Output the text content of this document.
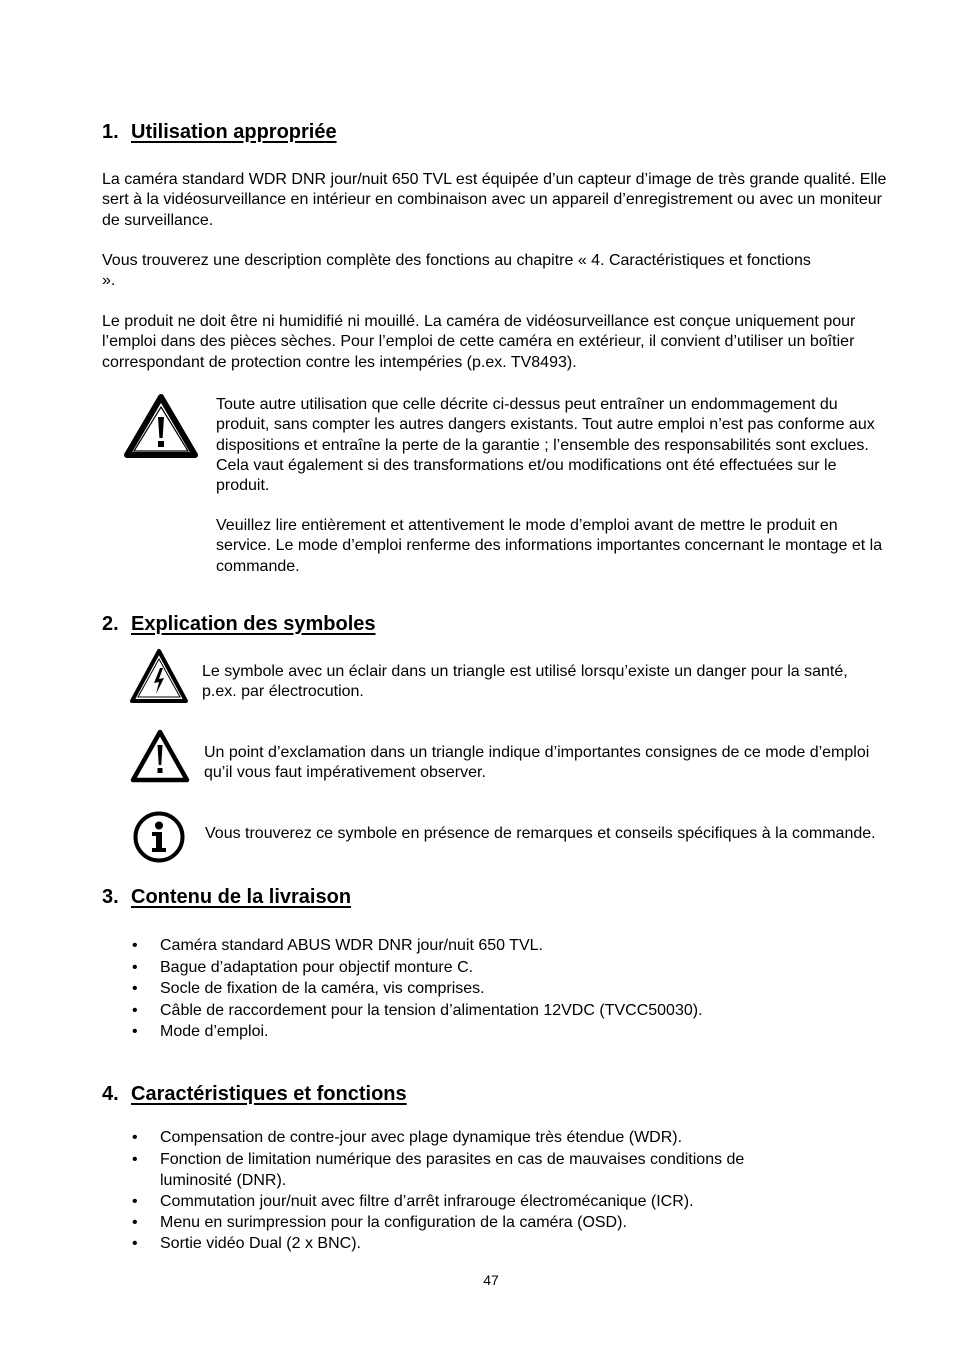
1. Utilisation appropriée
La caméra standard WDR DNR jour/nuit 650 TVL est équipée d’un capteur d’image de très grande qualité. Elle sert à la vidéosurveillance en intérieur en combinaison avec un appareil d’enregistrement ou avec un moniteur de surveillance.
Vous trouverez une description complète des fonctions au chapitre « 4. Caractéristiques et fonctions ».
Le produit ne doit être ni humidifié ni mouillé. La caméra de vidéosurveillance est conçue uniquement pour l’emploi dans des pièces sèches. Pour l’emploi de cette caméra en extérieur, il convient d’utiliser un boîtier correspondant de protection contre les intempéries (p.ex. TV8493).
Toute autre utilisation que celle décrite ci-dessus peut entraîner un endommagement du produit, sans compter les autres dangers existants. Tout autre emploi n’est pas conforme aux dispositions et entraîne la perte de la garantie ; l’ensemble des responsabilités sont exclues. Cela vaut également si des transformations et/ou modifications ont été effectuées sur le produit.
Veuillez lire entièrement et attentivement le mode d’emploi avant de mettre le produit en service. Le mode d’emploi renferme des informations importantes concernant le montage et la commande.
2. Explication des symboles
Le symbole avec un éclair dans un triangle est utilisé lorsqu’existe un danger pour la santé, p.ex. par électrocution.
Un point d’exclamation dans un triangle indique d’importantes consignes de ce mode d’emploi qu’il vous faut impérativement observer.
Vous trouverez ce symbole en présence de remarques et conseils spécifiques à la commande.
3. Contenu de la livraison
• Caméra standard ABUS WDR DNR jour/nuit 650 TVL.
• Bague d’adaptation pour objectif monture C.
• Socle de fixation de la caméra, vis comprises.
• Câble de raccordement pour la tension d’alimentation 12VDC (TVCC50030).
• Mode d’emploi.
4. Caractéristiques et fonctions
• Compensation de contre-jour avec plage dynamique très étendue (WDR).
• Fonction de limitation numérique des parasites en cas de mauvaises conditions de luminosité (DNR).
• Commutation jour/nuit avec filtre d’arrêt infrarouge électromécanique (ICR).
• Menu en surimpression pour la configuration de la caméra (OSD).
• Sortie vidéo Dual (2 x BNC).
47
